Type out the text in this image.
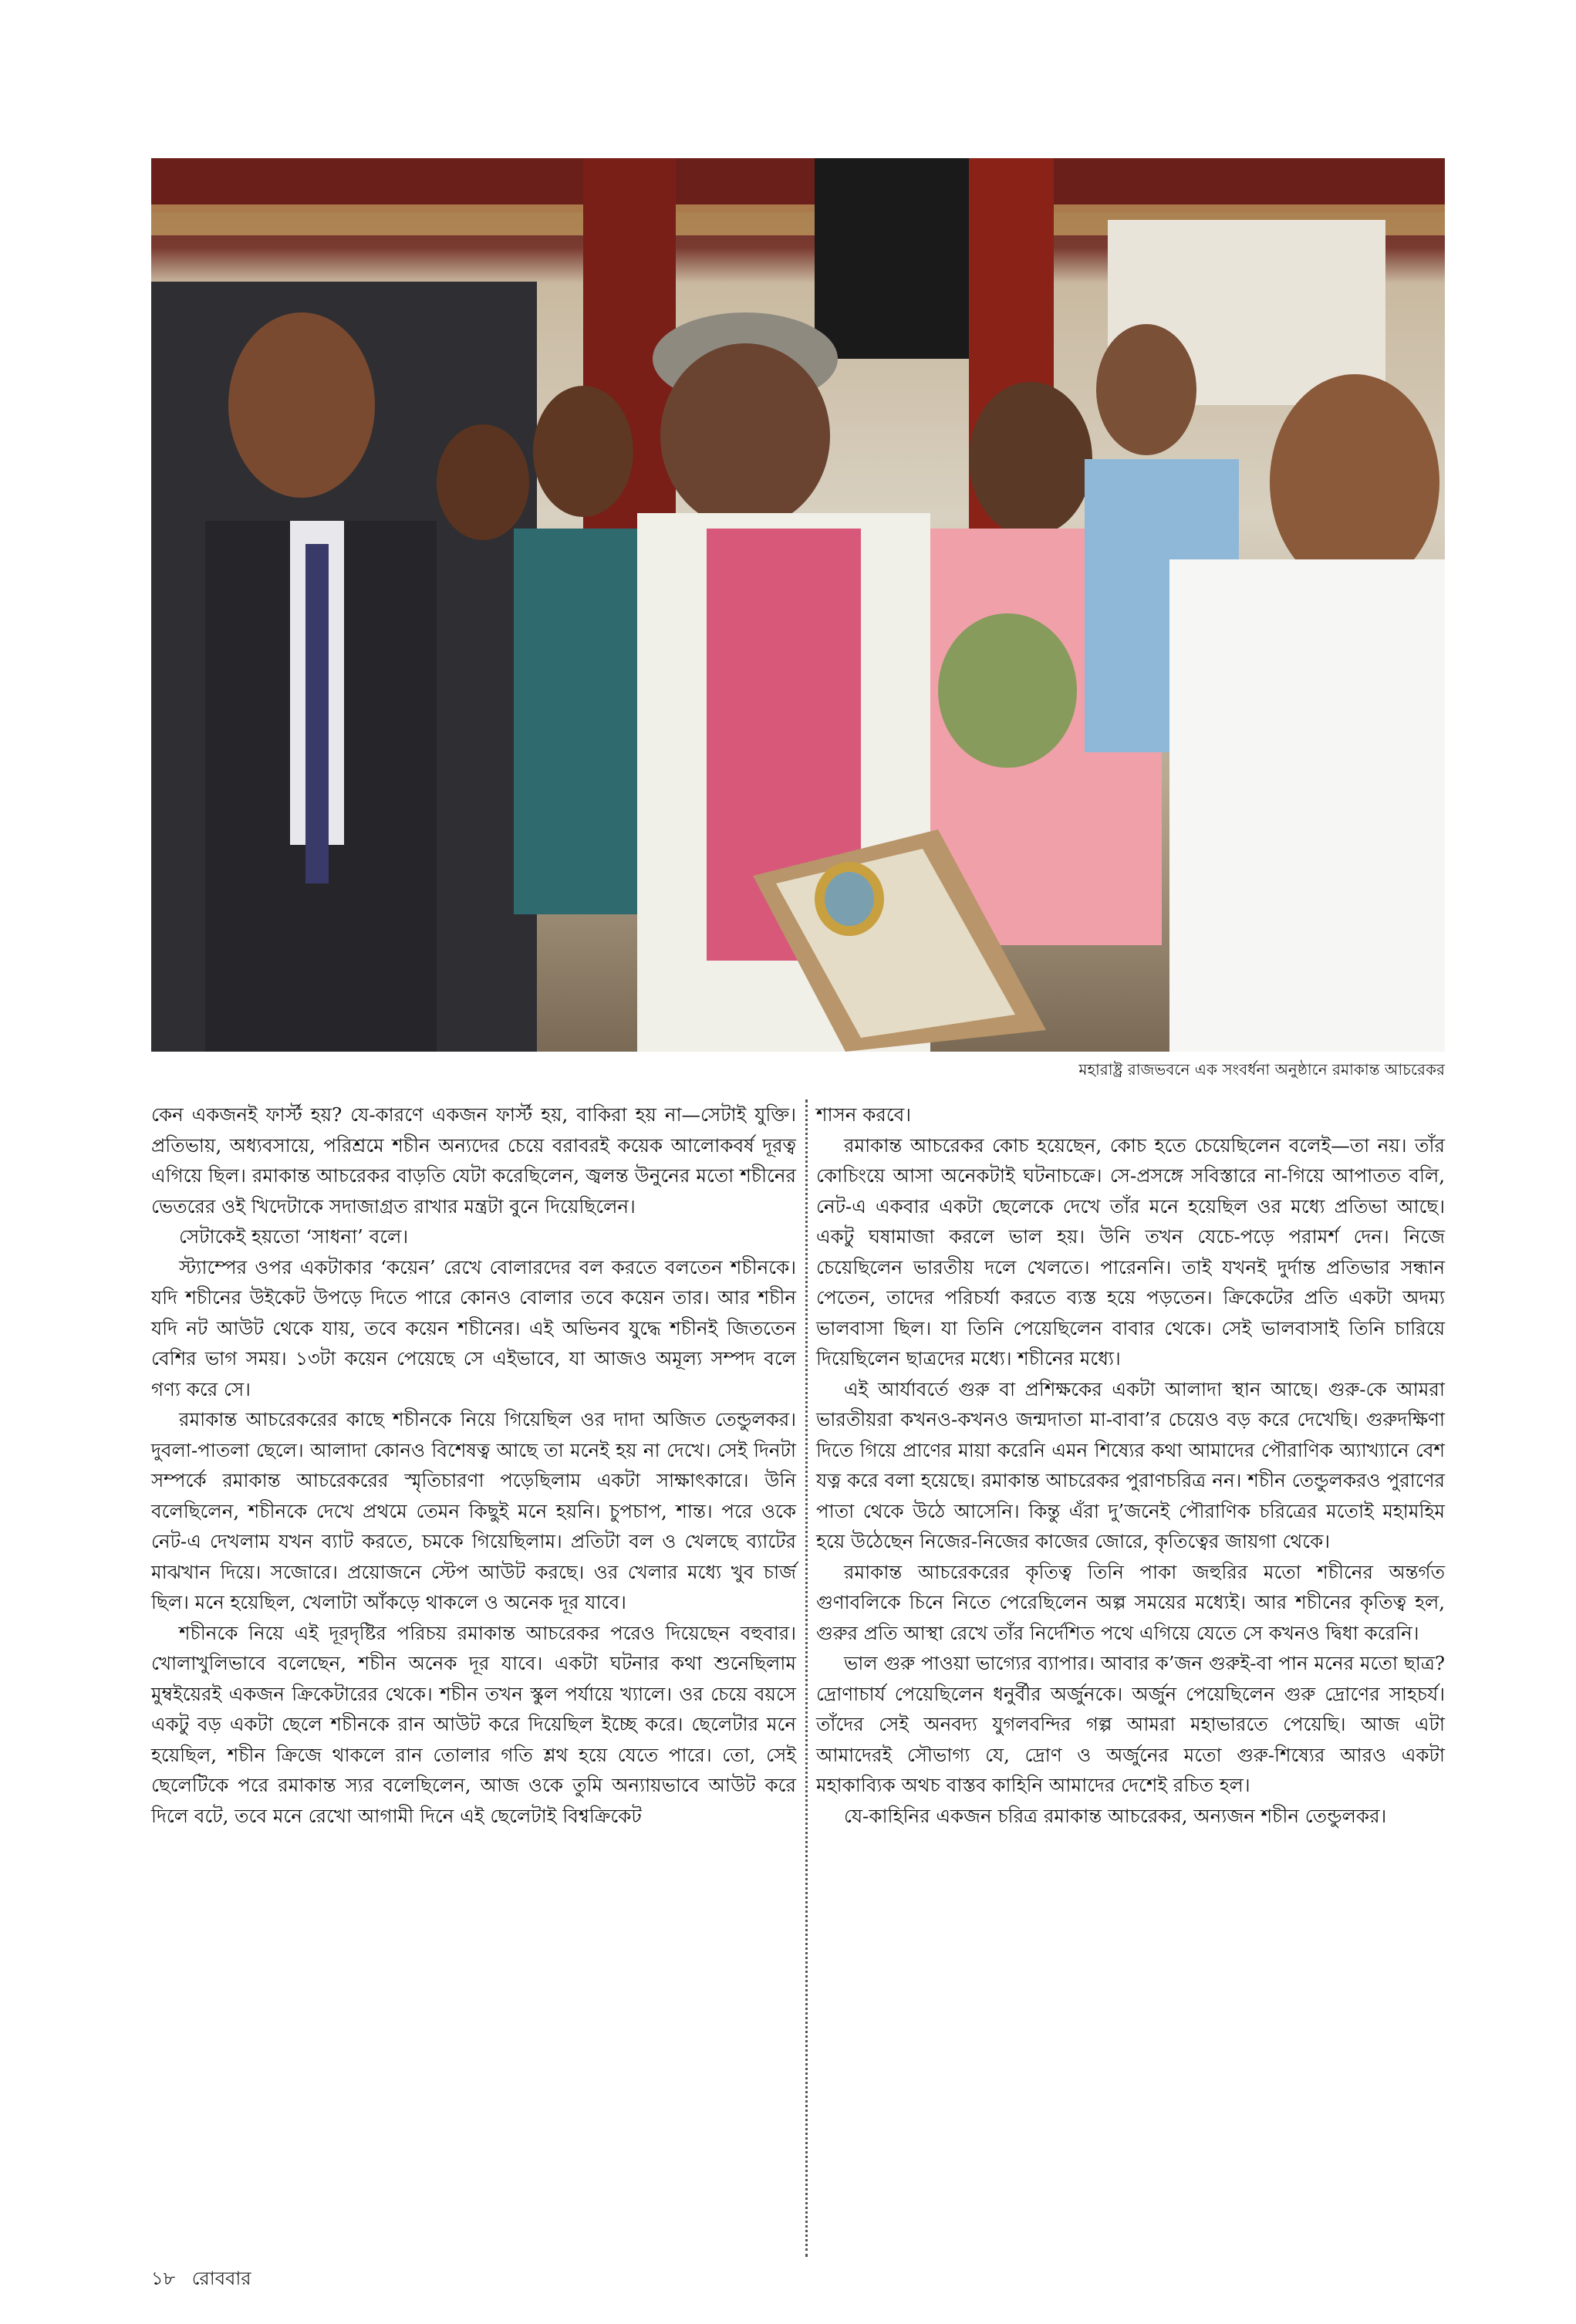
মহারাষ্ট্র রাজভবনে এক সংবর্ধনা অনুষ্ঠানে রমাকান্ত আচরেকর

কেন একজনই ফার্স্ট হয়? যে-কারণে একজন ফার্স্ট হয়, বাকিরা হয় না—সেটাই যুক্তি। প্রতিভায়, অধ্যবসায়ে, পরিশ্রমে শচীন অন্যদের চেয়ে বরাবরই কয়েক আলোকবর্ষ দূরত্ব এগিয়ে ছিল। রমাকান্ত আচরেকর বাড়তি যেটা করেছিলেন, জ্বলন্ত উনুনের মতো শচীনের ভেতরের ওই খিদেটাকে সদাজাগ্রত রাখার মন্ত্রটা বুনে দিয়েছিলেন।

সেটাকেই হয়তো ‘সাধনা’ বলে।

স্ট্যাম্পের ওপর একটাকার ‘কয়েন’ রেখে বোলারদের বল করতে বলতেন শচীনকে। যদি শচীনের উইকেট উপড়ে দিতে পারে কোনও বোলার তবে কয়েন তার। আর শচীন যদি নট আউট থেকে যায়, তবে কয়েন শচীনের। এই অভিনব যুদ্ধে শচীনই জিততেন বেশির ভাগ সময়। ১৩টা কয়েন পেয়েছে সে এইভাবে, যা আজও অমূল্য সম্পদ বলে গণ্য করে সে।

রমাকান্ত আচরেকরের কাছে শচীনকে নিয়ে গিয়েছিল ওর দাদা অজিত তেন্ডুলকর। দুবলা-পাতলা ছেলে। আলাদা কোনও বিশেষত্ব আছে তা মনেই হয় না দেখে। সেই দিনটা সম্পর্কে রমাকান্ত আচরেকরের স্মৃতিচারণা পড়েছিলাম একটা সাক্ষাৎকারে। উনি বলেছিলেন, শচীনকে দেখে প্রথমে তেমন কিছুই মনে হয়নি। চুপচাপ, শান্ত। পরে ওকে নেট-এ দেখলাম যখন ব্যাট করতে, চমকে গিয়েছিলাম। প্রতিটা বল ও খেলছে ব্যাটের মাঝখান দিয়ে। সজোরে। প্রয়োজনে স্টেপ আউট করছে। ওর খেলার মধ্যে খুব চার্জ ছিল। মনে হয়েছিল, খেলাটা আঁকড়ে থাকলে ও অনেক দূর যাবে।

শচীনকে নিয়ে এই দূরদৃষ্টির পরিচয় রমাকান্ত আচরেকর পরেও দিয়েছেন বহুবার। খোলাখুলিভাবে বলেছেন, শচীন অনেক দূর যাবে। একটা ঘটনার কথা শুনেছিলাম মুম্বইয়েরই একজন ক্রিকেটারের থেকে। শচীন তখন স্কুল পর্যায়ে খ্যালে। ওর চেয়ে বয়সে একটু বড় একটা ছেলে শচীনকে রান আউট করে দিয়েছিল ইচ্ছে করে। ছেলেটার মনে হয়েছিল, শচীন ক্রিজে থাকলে রান তোলার গতি শ্লথ হয়ে যেতে পারে। তো, সেই ছেলেটিকে পরে রমাকান্ত স্যর বলেছিলেন, আজ ওকে তুমি অন্যায়ভাবে আউট করে দিলে বটে, তবে মনে রেখো আগামী দিনে এই ছেলেটাই বিশ্বক্রিকেট

শাসন করবে।

রমাকান্ত আচরেকর কোচ হয়েছেন, কোচ হতে চেয়েছিলেন বলেই—তা নয়। তাঁর কোচিংয়ে আসা অনেকটাই ঘটনাচক্রে। সে-প্রসঙ্গে সবিস্তারে না-গিয়ে আপাতত বলি, নেট-এ একবার একটা ছেলেকে দেখে তাঁর মনে হয়েছিল ওর মধ্যে প্রতিভা আছে। একটু ঘষামাজা করলে ভাল হয়। উনি তখন যেচে-পড়ে পরামর্শ দেন। নিজে চেয়েছিলেন ভারতীয় দলে খেলতে। পারেননি। তাই যখনই দুর্দান্ত প্রতিভার সন্ধান পেতেন, তাদের পরিচর্যা করতে ব্যস্ত হয়ে পড়তেন। ক্রিকেটের প্রতি একটা অদম্য ভালবাসা ছিল। যা তিনি পেয়েছিলেন বাবার থেকে। সেই ভালবাসাই তিনি চারিয়ে দিয়েছিলেন ছাত্রদের মধ্যে। শচীনের মধ্যে।

এই আর্যাবর্তে গুরু বা প্রশিক্ষকের একটা আলাদা স্থান আছে। গুরু-কে আমরা ভারতীয়রা কখনও-কখনও জন্মদাতা মা-বাবা’র চেয়েও বড় করে দেখেছি। গুরুদক্ষিণা দিতে গিয়ে প্রাণের মায়া করেনি এমন শিষ্যের কথা আমাদের পৌরাণিক অ্যাখ্যানে বেশ যত্ন করে বলা হয়েছে। রমাকান্ত আচরেকর পুরাণচরিত্র নন। শচীন তেন্ডুলকরও পুরাণের পাতা থেকে উঠে আসেনি। কিন্তু এঁরা দু’জনেই পৌরাণিক চরিত্রের মতোই মহামহিম হয়ে উঠেছেন নিজের-নিজের কাজের জোরে, কৃতিত্বের জায়গা থেকে।

রমাকান্ত আচরেকরের কৃতিত্ব তিনি পাকা জহুরির মতো শচীনের অন্তর্গত গুণাবলিকে চিনে নিতে পেরেছিলেন অল্প সময়ের মধ্যেই। আর শচীনের কৃতিত্ব হল, গুরুর প্রতি আস্থা রেখে তাঁর নির্দেশিত পথে এগিয়ে যেতে সে কখনও দ্বিধা করেনি।

ভাল গুরু পাওয়া ভাগ্যের ব্যাপার। আবার ক’জন গুরুই-বা পান মনের মতো ছাত্র? দ্রোণাচার্য পেয়েছিলেন ধনুর্বীর অর্জুনকে। অর্জুন পেয়েছিলেন গুরু দ্রোণের সাহচর্য। তাঁদের সেই অনবদ্য যুগলবন্দির গল্প আমরা মহাভারতে পেয়েছি। আজ এটা আমাদেরই সৌভাগ্য যে, দ্রোণ ও অর্জুনের মতো গুরু-শিষ্যের আরও একটা মহাকাব্যিক অথচ বাস্তব কাহিনি আমাদের দেশেই রচিত হল।

যে-কাহিনির একজন চরিত্র রমাকান্ত আচরেকর, অন্যজন শচীন তেন্ডুলকর।

১৮ রোববার
